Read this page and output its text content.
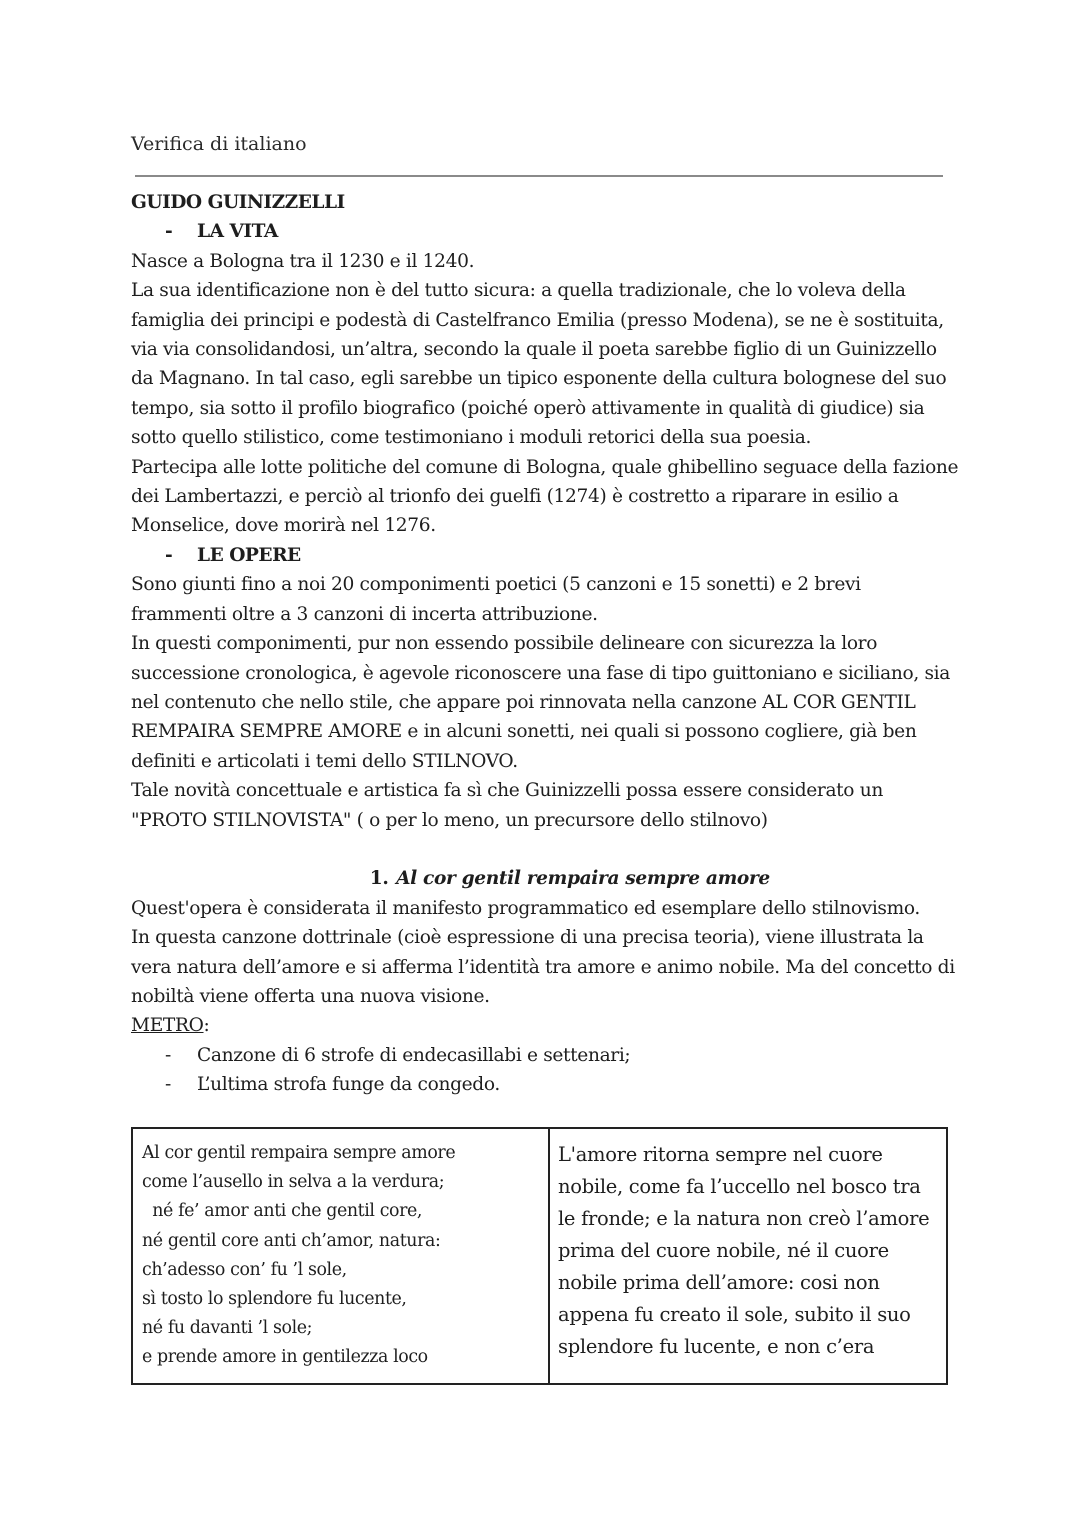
Verifica di italiano

GUIDO GUINIZZELLI

- LA VITA

Nasce a Bologna tra il 1230 e il 1240.

La sua identificazione non è del tutto sicura: a quella tradizionale, che lo voleva della famiglia dei principi e podestà di Castelfranco Emilia (presso Modena), se ne è sostituita, via via consolidandosi, un’altra, secondo la quale il poeta sarebbe figlio di un Guinizzello da Magnano. In tal caso, egli sarebbe un tipico esponente della cultura bolognese del suo tempo, sia sotto il profilo biografico (poiché operò attivamente in qualità di giudice) sia sotto quello stilistico, come testimoniano i moduli retorici della sua poesia.

Partecipa alle lotte politiche del comune di Bologna, quale ghibellino seguace della fazione dei Lambertazzi, e perciò al trionfo dei guelfi (1274) è costretto a riparare in esilio a Monselice, dove morirà nel 1276.

- LE OPERE

Sono giunti fino a noi 20 componimenti poetici (5 canzoni e 15 sonetti) e 2 brevi frammenti oltre a 3 canzoni di incerta attribuzione.

In questi componimenti, pur non essendo possibile delineare con sicurezza la loro successione cronologica, è agevole riconoscere una fase di tipo guittoniano e siciliano, sia nel contenuto che nello stile, che appare poi rinnovata nella canzone AL COR GENTIL REMPAIRA SEMPRE AMORE e in alcuni sonetti, nei quali si possono cogliere, già ben definiti e articolati i temi dello STILNOVO.

Tale novità concettuale e artistica fa sì che Guinizzelli possa essere considerato un "PROTO STILNOVISTA" ( o per lo meno, un precursore dello stilnovo)

1. Al cor gentil rempaira sempre amore

Quest'opera è considerata il manifesto programmatico ed esemplare dello stilnovismo.

In questa canzone dottrinale (cioè espressione di una precisa teoria), viene illustrata la vera natura dell’amore e si afferma l’identità tra amore e animo nobile. Ma del concetto di nobiltà viene offerta una nuova visione.

METRO:

- Canzone di 6 strofe di endecasillabi e settenari;
- L’ultima strofa funge da congedo.
Al cor gentil rempaira sempre amore
come l’ausello in selva a la verdura;
né fe’ amor anti che gentil core,
né gentil core anti ch’amor, natura:
ch’adesso con’ fu ’l sole,
sì tosto lo splendore fu lucente,
né fu davanti ’l sole;
e prende amore in gentilezza loco

L'amore ritorna sempre nel cuore
nobile, come fa l’uccello nel bosco tra
le fronde; e la natura non creò l’amore
prima del cuore nobile, né il cuore
nobile prima dell’amore: cosi non
appena fu creato il sole, subito il suo
splendore fu lucente, e non c’era
